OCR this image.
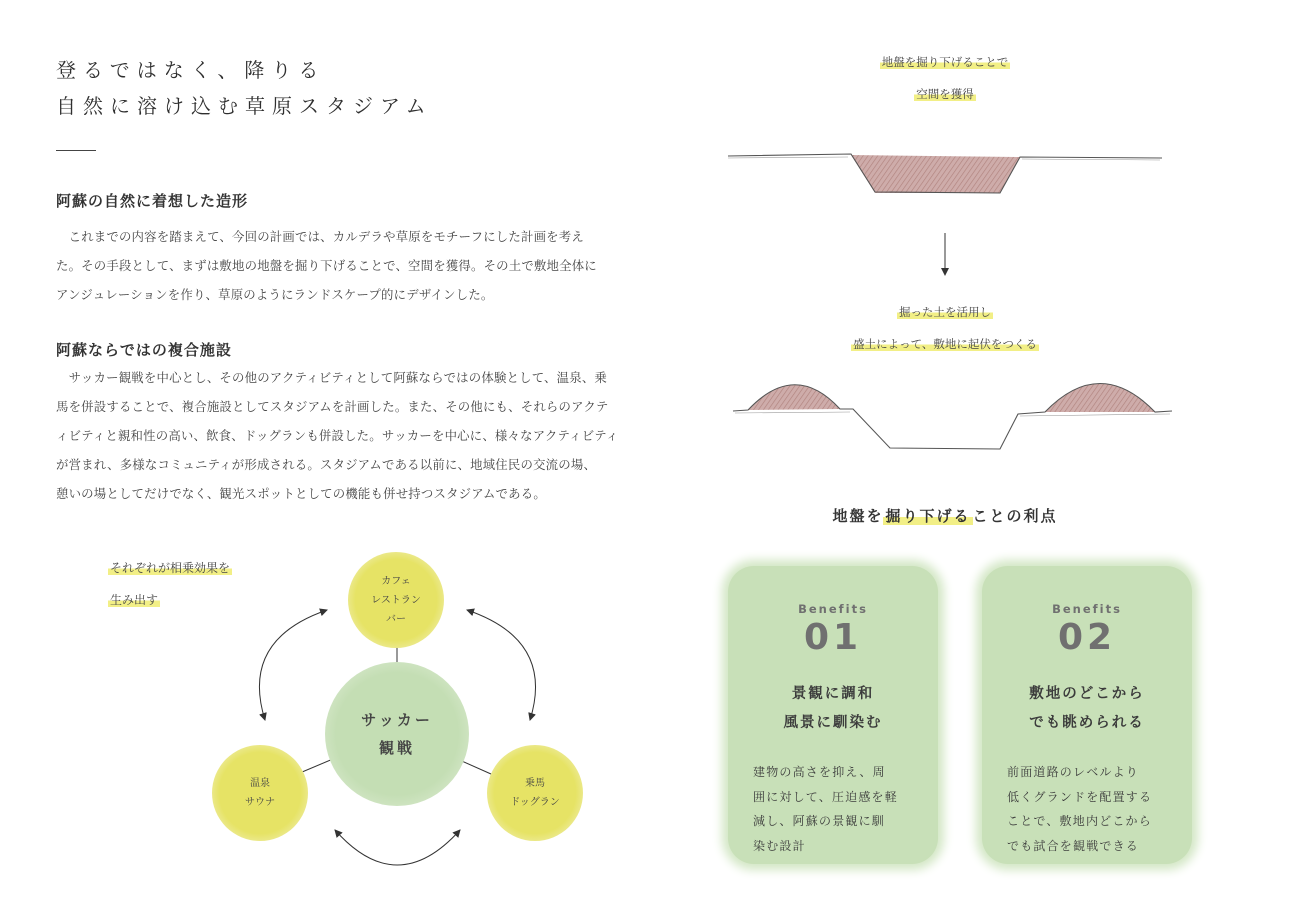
登るではなく、降りる
自然に溶け込む草原スタジアム
阿蘇の自然に着想した造形
　これまでの内容を踏まえて、今回の計画では、カルデラや草原をモチーフにした計画を考え
た。その手段として、まずは敷地の地盤を掘り下げることで、空間を獲得。その土で敷地全体に
アンジュレーションを作り、草原のようにランドスケープ的にデザインした。
阿蘇ならではの複合施設
　サッカー観戦を中心とし、その他のアクティビティとして阿蘇ならではの体験として、温泉、乗
馬を併設することで、複合施設としてスタジアムを計画した。また、その他にも、それらのアクテ
ィビティと親和性の高い、飲食、ドッグランも併設した。サッカーを中心に、様々なアクティビティ
が営まれ、多様なコミュニティが形成される。スタジアムである以前に、地域住民の交流の場、
憩いの場としてだけでなく、観光スポットとしての機能も併せ持つスタジアムである。
それぞれが相乗効果を
生み出す
カフェ
レストラン
バー
サッカー
観戦
温泉
サウナ
乗馬
ドッグラン
地盤を掘り下げることで
空間を獲得
掘った土を活用し
盛土によって、敷地に起伏をつくる
地盤を 掘り下げる ことの利点
Benefits
01
景観に調和
風景に馴染む
建物の高さを抑え、周
囲に対して、圧迫感を軽
減し、阿蘇の景観に馴
染む設計
Benefits
02
敷地のどこから
でも眺められる
前面道路のレベルより
低くグランドを配置する
ことで、敷地内どこから
でも試合を観戦できる
